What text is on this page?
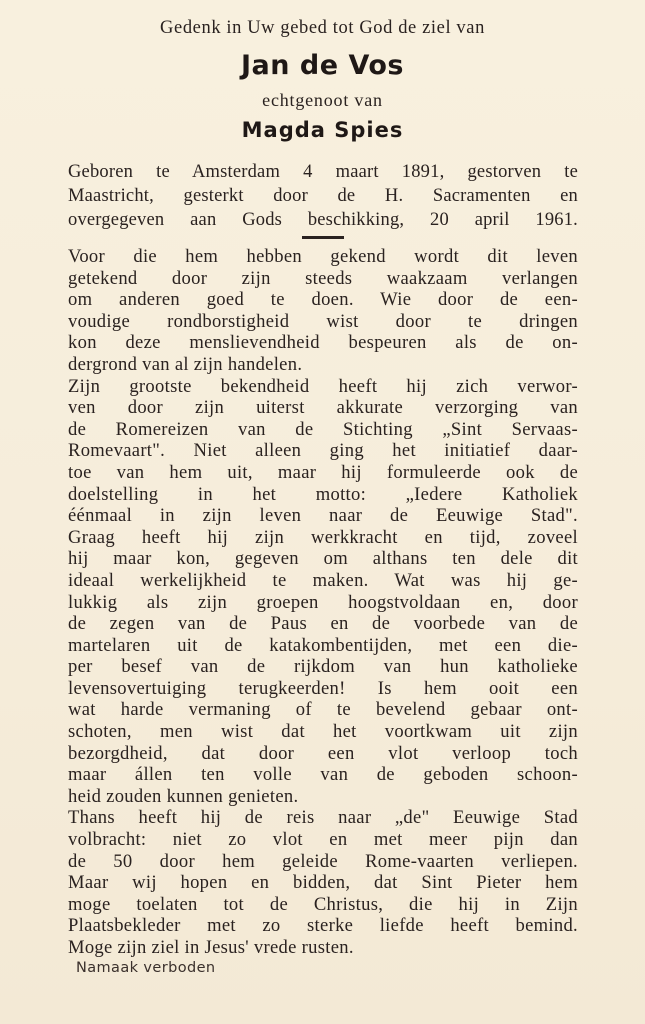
Gedenk in Uw gebed tot God de ziel van
Jan de Vos
echtgenoot van
Magda Spies
Geboren te Amsterdam 4 maart 1891, gestorven te
Maastricht, gesterkt door de H. Sacramenten en
overgegeven aan Gods beschikking, 20 april 1961.
Voor die hem hebben gekend wordt dit leven
getekend door zijn steeds waakzaam verlangen
om anderen goed te doen. Wie door de een-
voudige rondborstigheid wist door te dringen
kon deze menslievendheid bespeuren als de on-
dergrond van al zijn handelen.
Zijn grootste bekendheid heeft hij zich verwor-
ven door zijn uiterst akkurate verzorging van
de Romereizen van de Stichting „Sint Servaas-
Romevaart". Niet alleen ging het initiatief daar-
toe van hem uit, maar hij formuleerde ook de
doelstelling in het motto: „Iedere Katholiek
éénmaal in zijn leven naar de Eeuwige Stad".
Graag heeft hij zijn werkkracht en tijd, zoveel
hij maar kon, gegeven om althans ten dele dit
ideaal werkelijkheid te maken. Wat was hij ge-
lukkig als zijn groepen hoogstvoldaan en, door
de zegen van de Paus en de voorbede van de
martelaren uit de katakombentijden, met een die-
per besef van de rijkdom van hun katholieke
levensovertuiging terugkeerden! Is hem ooit een
wat harde vermaning of te bevelend gebaar ont-
schoten, men wist dat het voortkwam uit zijn
bezorgdheid, dat door een vlot verloop toch
maar állen ten volle van de geboden schoon-
heid zouden kunnen genieten.
Thans heeft hij de reis naar „de" Eeuwige Stad
volbracht: niet zo vlot en met meer pijn dan
de 50 door hem geleide Rome-vaarten verliepen.
Maar wij hopen en bidden, dat Sint Pieter hem
moge toelaten tot de Christus, die hij in Zijn
Plaatsbekleder met zo sterke liefde heeft bemind.
Moge zijn ziel in Jesus' vrede rusten.
Namaak verboden
